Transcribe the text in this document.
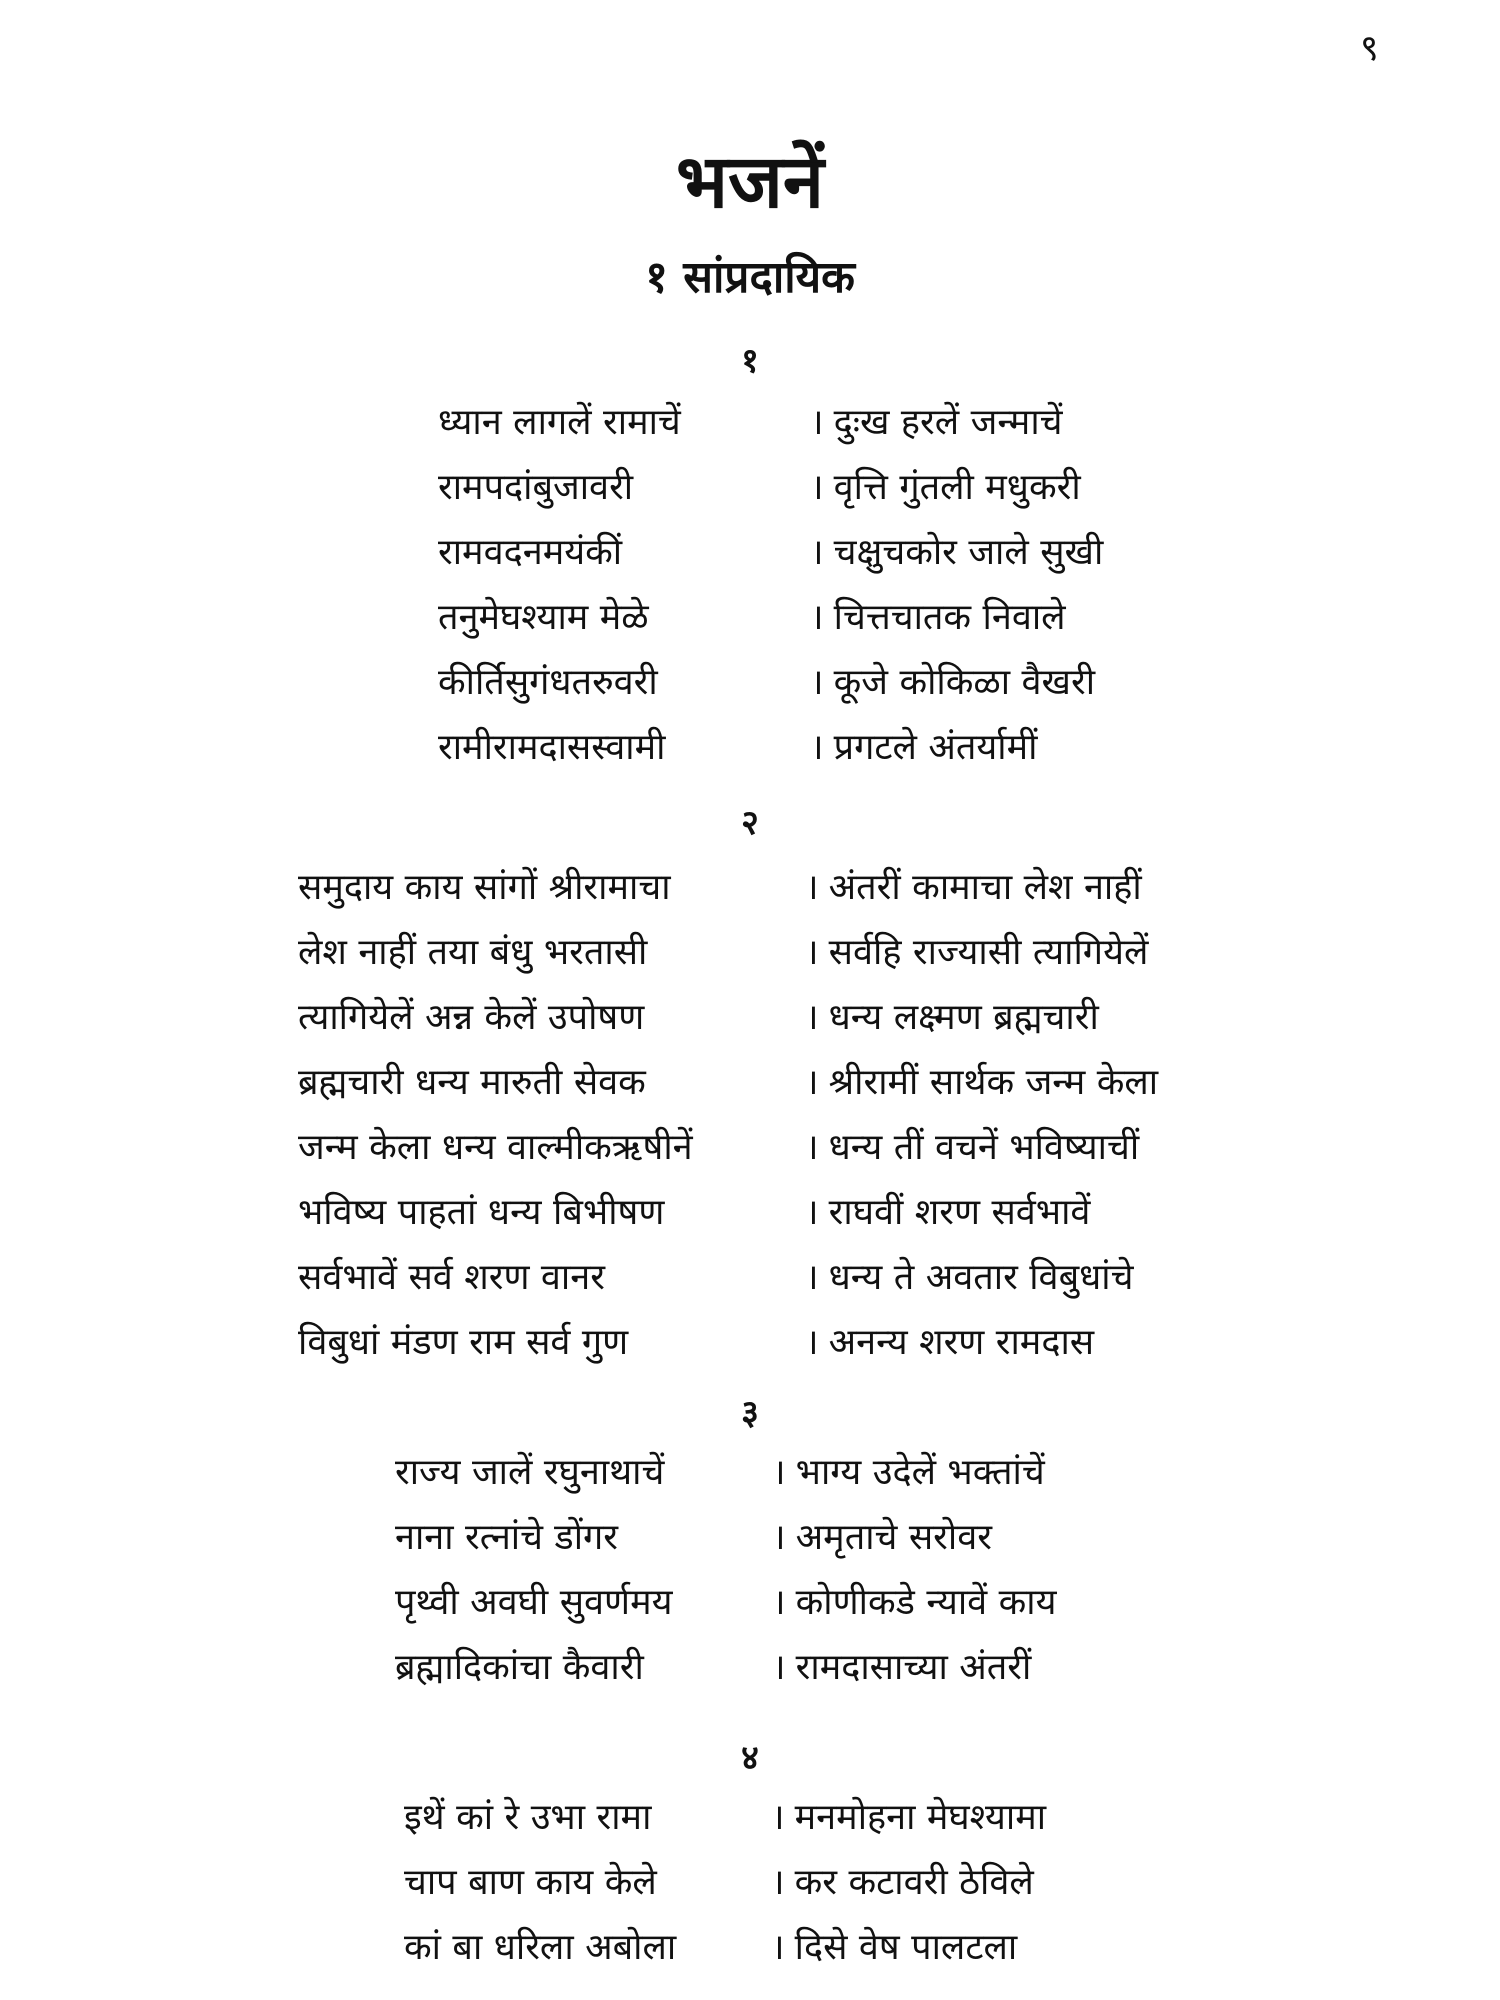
९
भजनें
१ सांप्रदायिक
१
ध्यान लागलें रामाचें	। दुःख हरलें जन्माचें
रामपदांबुजावरी	। वृत्ति गुंतली मधुकरी
रामवदनमयंकीं	। चक्षुचकोर जाले सुखी
तनुमेघश्याम मेळे	। चित्तचातक निवाले
कीर्तिसुगंधतरुवरी	। कूजे कोकिळा वैखरी
रामीरामदासस्वामी	। प्रगटले अंतर्यामीं
२
समुदाय काय सांगों श्रीरामाचा	। अंतरीं कामाचा लेश नाहीं
लेश नाहीं तया बंधु भरतासी	। सर्वहि राज्यासी त्यागियेलें
त्यागियेलें अन्न केलें उपोषण	। धन्य लक्ष्मण ब्रह्मचारी
ब्रह्मचारी धन्य मारुती सेवक	। श्रीरामीं सार्थक जन्म केला
जन्म केला धन्य वाल्मीकऋषीनें	। धन्य तीं वचनें भविष्याचीं
भविष्य पाहतां धन्य बिभीषण	। राघवीं शरण सर्वभावें
सर्वभावें सर्व शरण वानर	। धन्य ते अवतार विबुधांचे
विबुधां मंडण राम सर्व गुण	। अनन्य शरण रामदास
३
राज्य जालें रघुनाथाचें	। भाग्य उदेलें भक्तांचें
नाना रत्नांचे डोंगर	। अमृताचे सरोवर
पृथ्वी अवघी सुवर्णमय	। कोणीकडे न्यावें काय
ब्रह्मादिकांचा कैवारी	। रामदासाच्या अंतरीं
४
इथें कां रे उभा रामा	। मनमोहना मेघश्यामा
चाप बाण काय केले	। कर कटावरी ठेविले
कां बा धरिला अबोला	। दिसे वेष पालटला
